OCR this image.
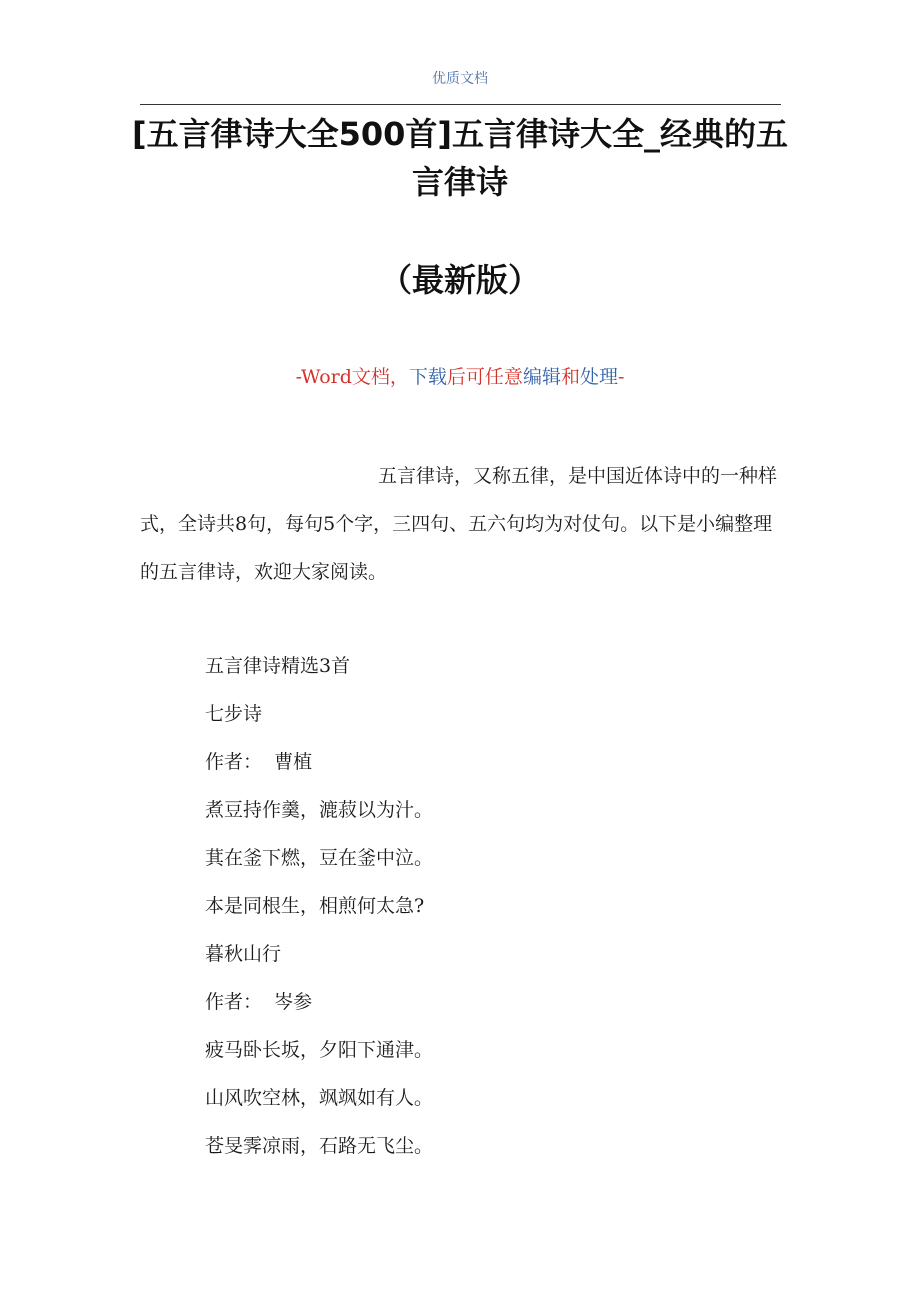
优质文档
[五言律诗大全500首]五言律诗大全_经典的五言律诗
（最新版）
-Word文档，下载后可任意编辑和处理-
五言律诗，又称五律，是中国近体诗中的一种样式，全诗共8句，每句5个字，三四句、五六句均为对仗句。以下是小编整理的五言律诗，欢迎大家阅读。
五言律诗精选3首
七步诗
作者：  曹植
煮豆持作羹，漉菽以为汁。
萁在釜下燃，豆在釜中泣。
本是同根生，相煎何太急?
暮秋山行
作者：  岑参
疲马卧长坂，夕阳下通津。
山风吹空林，飒飒如有人。
苍旻霁凉雨，石路无飞尘。
